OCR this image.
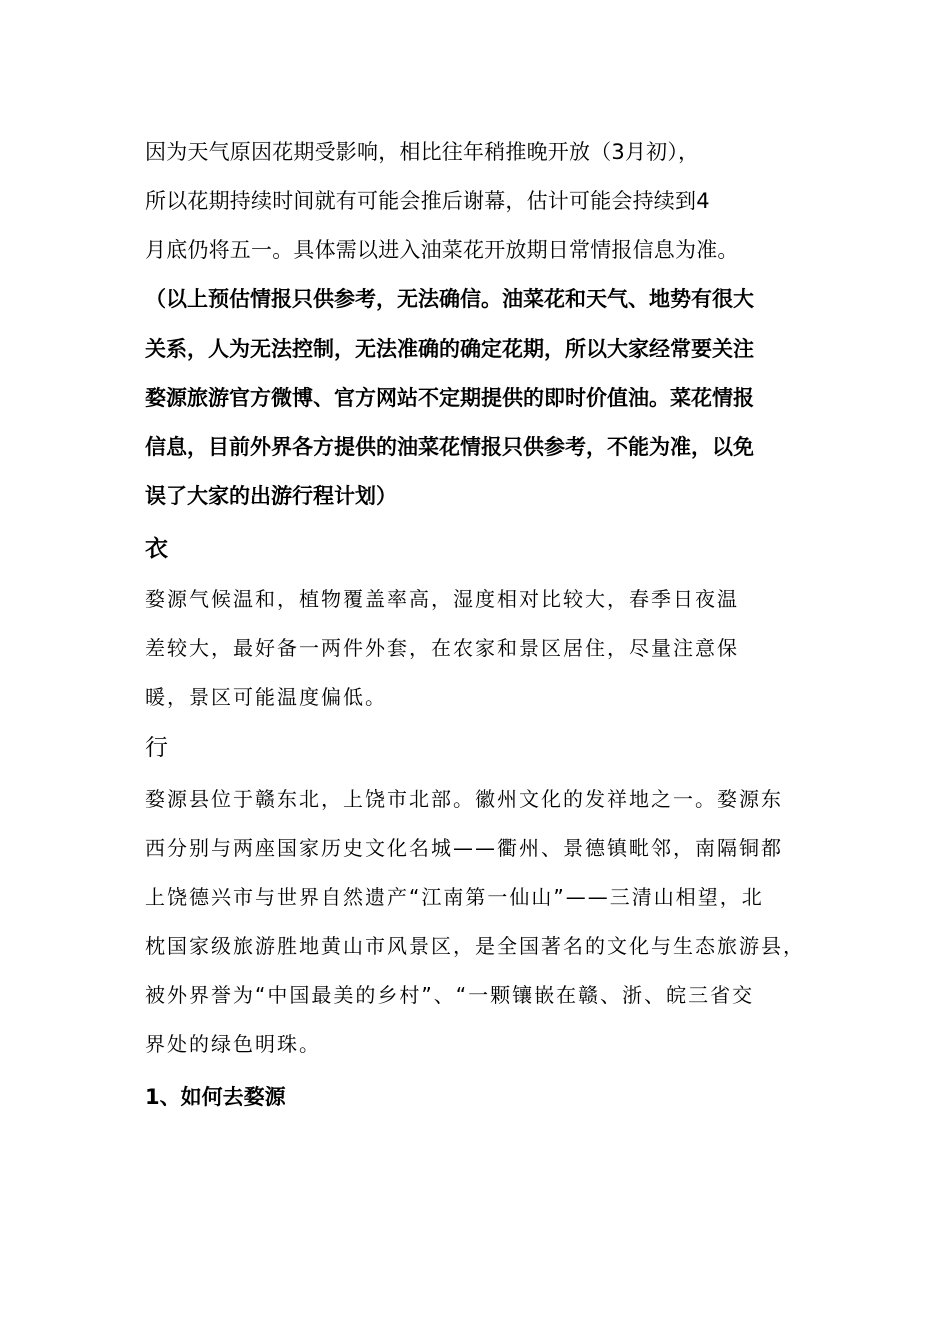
因为天气原因花期受影响，相比往年稍推晚开放（3月初），
所以花期持续时间就有可能会推后谢幕，估计可能会持续到4
月底仍将五一。具体需以进入油菜花开放期日常情报信息为准。
（以上预估情报只供参考，无法确信。油菜花和天气、地势有很大
关系，人为无法控制，无法准确的确定花期，所以大家经常要关注
婺源旅游官方微博、官方网站不定期提供的即时价值油。菜花情报
信息，目前外界各方提供的油菜花情报只供参考，不能为准，以免
误了大家的出游行程计划）
衣
婺源气候温和，植物覆盖率高，湿度相对比较大，春季日夜温
差较大，最好备一两件外套，在农家和景区居住，尽量注意保
暖，景区可能温度偏低。
行
婺源县位于赣东北，上饶市北部。徽州文化的发祥地之一。婺源东
西分别与两座国家历史文化名城——衢州、景德镇毗邻，南隔铜都
上饶德兴市与世界自然遗产“江南第一仙山”——三清山相望，北
枕国家级旅游胜地黄山市风景区，是全国著名的文化与生态旅游县，
被外界誉为“中国最美的乡村”、“一颗镶嵌在赣、浙、皖三省交
界处的绿色明珠。
1、如何去婺源
